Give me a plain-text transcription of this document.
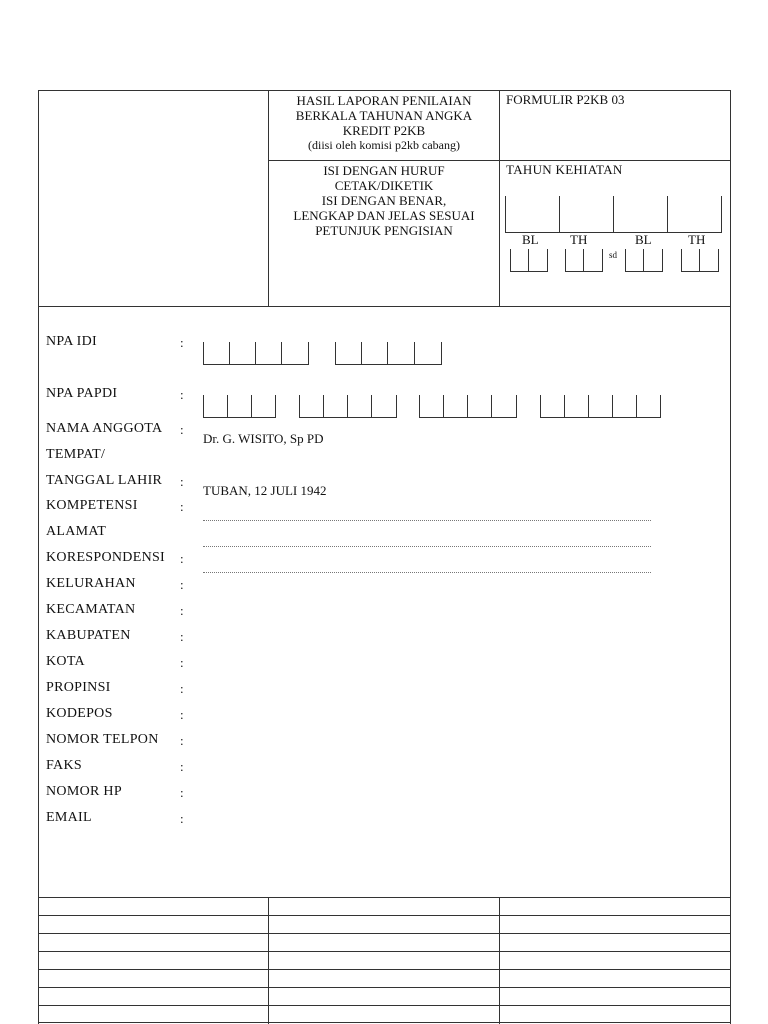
HASIL LAPORAN PENILAIAN
BERKALA TAHUNAN ANGKA
KREDIT P2KB
(diisi oleh komisi p2kb cabang)
FORMULIR P2KB 03
ISI DENGAN HURUF
CETAK/DIKETIK
ISI DENGAN BENAR,
LENGKAP DAN JELAS SESUAI
PETUNJUK PENGISIAN
TAHUN KEHIATAN
BL TH	BL	TH
sd
NPA IDI	:
NPA PAPDI	:
NAMA ANGGOTA :
Dr. G. WISITO, Sp PD
TEMPAT/
TANGGAL LAHIR :
TUBAN, 12 JULI 1942
KOMPETENSI	:
ALAMAT
KORESPONDENSI :
KELURAHAN	:
KECAMATAN	:
KABUPATEN	:
KOTA	:
PROPINSI	:
KODEPOS	:
NOMOR TELPON :
FAKS	:
NOMOR HP	:
EMAIL	:
